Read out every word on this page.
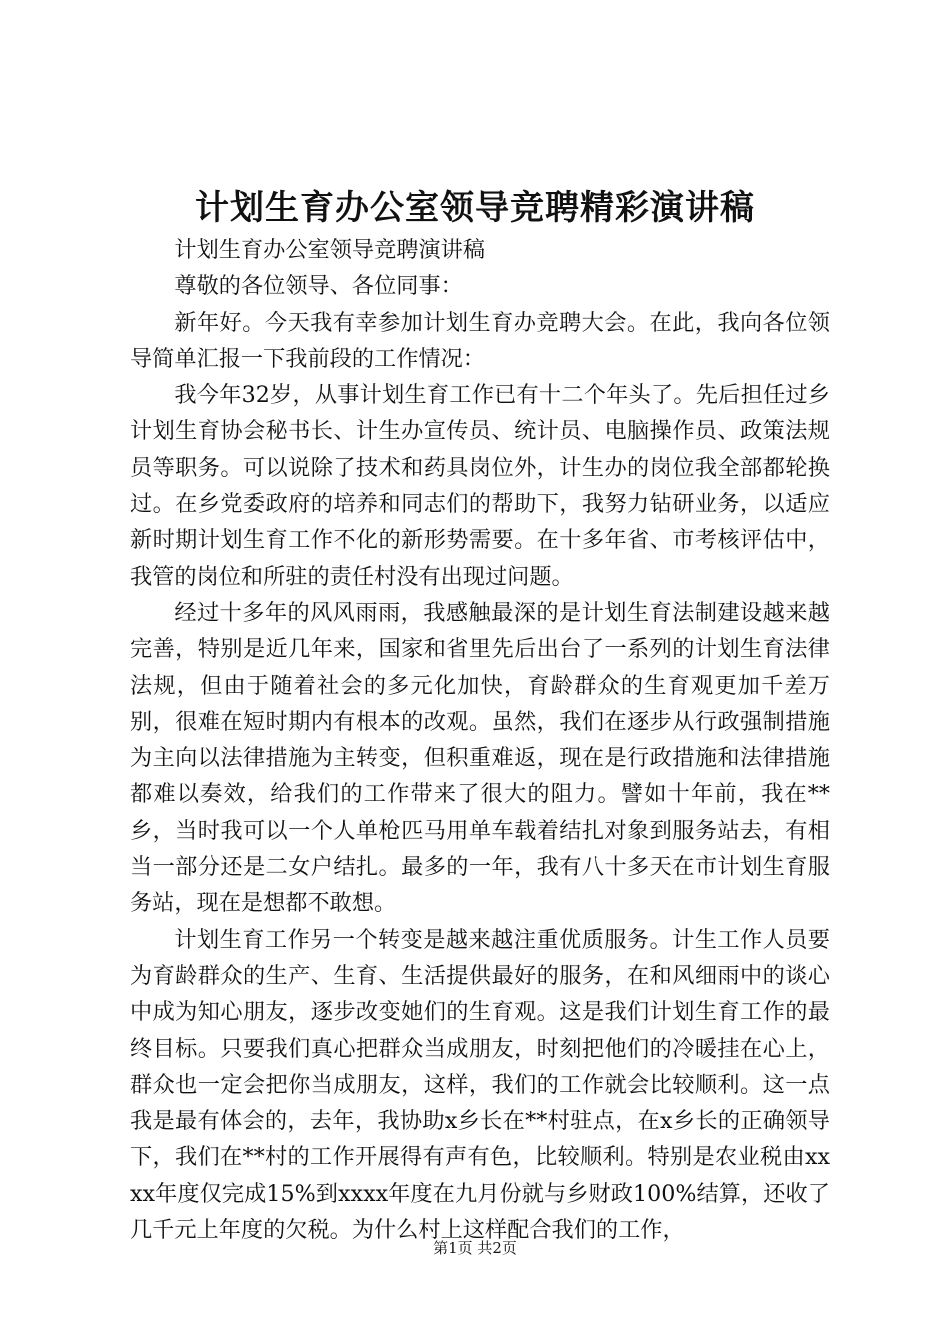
计划生育办公室领导竞聘精彩演讲稿

计划生育办公室领导竞聘演讲稿

尊敬的各位领导、各位同事：

新年好。今天我有幸参加计划生育办竞聘大会。在此，我向各位领导简单汇报一下我前段的工作情况：

我今年32岁，从事计划生育工作已有十二个年头了。先后担任过乡计划生育协会秘书长、计生办宣传员、统计员、电脑操作员、政策法规员等职务。可以说除了技术和药具岗位外，计生办的岗位我全部都轮换过。在乡党委政府的培养和同志们的帮助下，我努力钻研业务，以适应新时期计划生育工作不化的新形势需要。在十多年省、市考核评估中，我管的岗位和所驻的责任村没有出现过问题。

经过十多年的风风雨雨，我感触最深的是计划生育法制建设越来越完善，特别是近几年来，国家和省里先后出台了一系列的计划生育法律法规，但由于随着社会的多元化加快，育龄群众的生育观更加千差万别，很难在短时期内有根本的改观。虽然，我们在逐步从行政强制措施为主向以法律措施为主转变，但积重难返，现在是行政措施和法律措施都难以奏效，给我们的工作带来了很大的阻力。譬如十年前，我在**乡，当时我可以一个人单枪匹马用单车载着结扎对象到服务站去，有相当一部分还是二女户结扎。最多的一年，我有八十多天在市计划生育服务站，现在是想都不敢想。

计划生育工作另一个转变是越来越注重优质服务。计生工作人员要为育龄群众的生产、生育、生活提供最好的服务，在和风细雨中的谈心中成为知心朋友，逐步改变她们的生育观。这是我们计划生育工作的最终目标。只要我们真心把群众当成朋友，时刻把他们的冷暖挂在心上，群众也一定会把你当成朋友，这样，我们的工作就会比较顺利。这一点我是最有体会的，去年，我协助x乡长在**村驻点，在x乡长的正确领导下，我们在**村的工作开展得有声有色，比较顺利。特别是农业税由xxxx年度仅完成15%到xxxx年度在九月份就与乡财政100%结算，还收了几千元上年度的欠税。为什么村上这样配合我们的工作，

第1页 共2页
